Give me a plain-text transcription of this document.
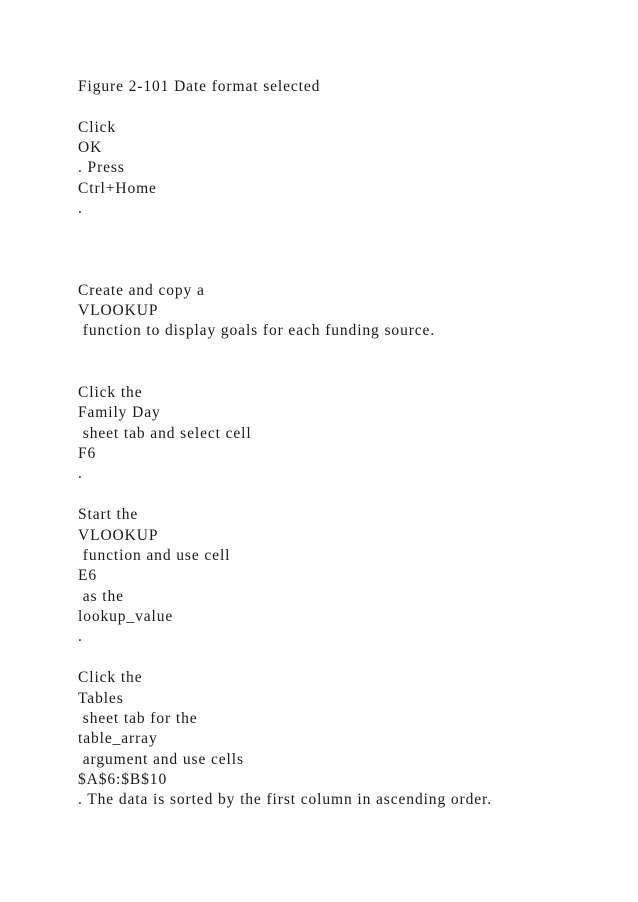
Figure 2-101 Date format selected

Click

OK

. Press

Ctrl+Home

.

Create and copy a

VLOOKUP

function to display goals for each funding source.

Click the

Family Day

sheet tab and select cell

F6

.

Start the

VLOOKUP

function and use cell

E6

as the

lookup_value

.

Click the

Tables

sheet tab for the

table_array

argument and use cells

$A$6:$B$10

. The data is sorted by the first column in ascending order.
